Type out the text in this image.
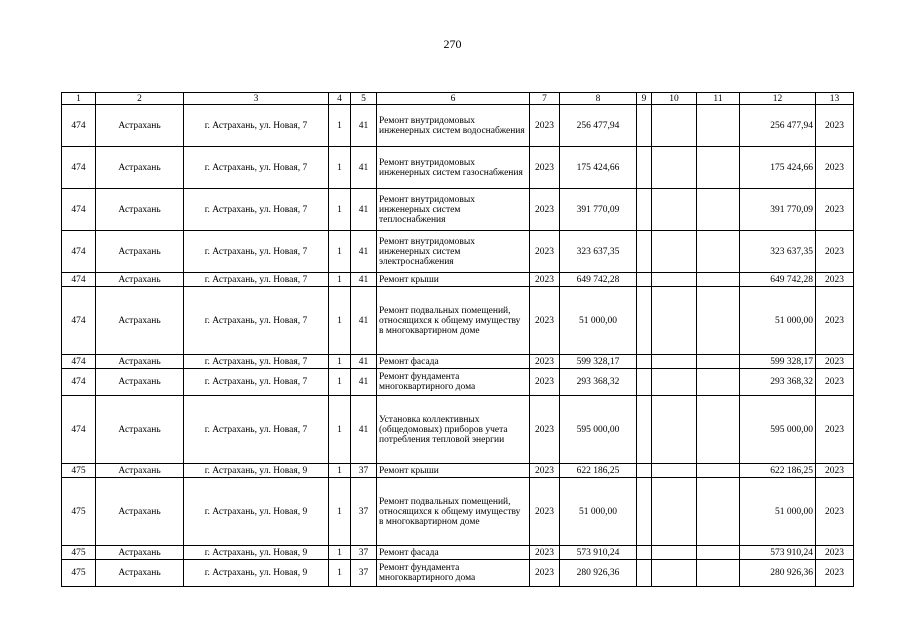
270
1	2	3	4	5	6	7	8	9	10	11	12	13
474	Астрахань	г. Астрахань, ул. Новая, 7	1	41	Ремонт внутридомовых инженерных систем водоснабжения	2023	256 477,94				256 477,94	2023
474	Астрахань	г. Астрахань, ул. Новая, 7	1	41	Ремонт внутридомовых инженерных систем газоснабжения	2023	175 424,66				175 424,66	2023
474	Астрахань	г. Астрахань, ул. Новая, 7	1	41	Ремонт внутридомовых инженерных систем теплоснабжения	2023	391 770,09				391 770,09	2023
474	Астрахань	г. Астрахань, ул. Новая, 7	1	41	Ремонт внутридомовых инженерных систем электроснабжения	2023	323 637,35				323 637,35	2023
474	Астрахань	г. Астрахань, ул. Новая, 7	1	41	Ремонт крыши	2023	649 742,28				649 742,28	2023
474	Астрахань	г. Астрахань, ул. Новая, 7	1	41	Ремонт подвальных помещений, относящихся к общему имуществу в многоквартирном доме	2023	51 000,00				51 000,00	2023
474	Астрахань	г. Астрахань, ул. Новая, 7	1	41	Ремонт фасада	2023	599 328,17				599 328,17	2023
474	Астрахань	г. Астрахань, ул. Новая, 7	1	41	Ремонт фундамента многоквартирного дома	2023	293 368,32				293 368,32	2023
474	Астрахань	г. Астрахань, ул. Новая, 7	1	41	Установка коллективных (общедомовых) приборов учета потребления тепловой энергии	2023	595 000,00				595 000,00	2023
475	Астрахань	г. Астрахань, ул. Новая, 9	1	37	Ремонт крыши	2023	622 186,25				622 186,25	2023
475	Астрахань	г. Астрахань, ул. Новая, 9	1	37	Ремонт подвальных помещений, относящихся к общему имуществу в многоквартирном доме	2023	51 000,00				51 000,00	2023
475	Астрахань	г. Астрахань, ул. Новая, 9	1	37	Ремонт фасада	2023	573 910,24				573 910,24	2023
475	Астрахань	г. Астрахань, ул. Новая, 9	1	37	Ремонт фундамента многоквартирного дома	2023	280 926,36				280 926,36	2023
